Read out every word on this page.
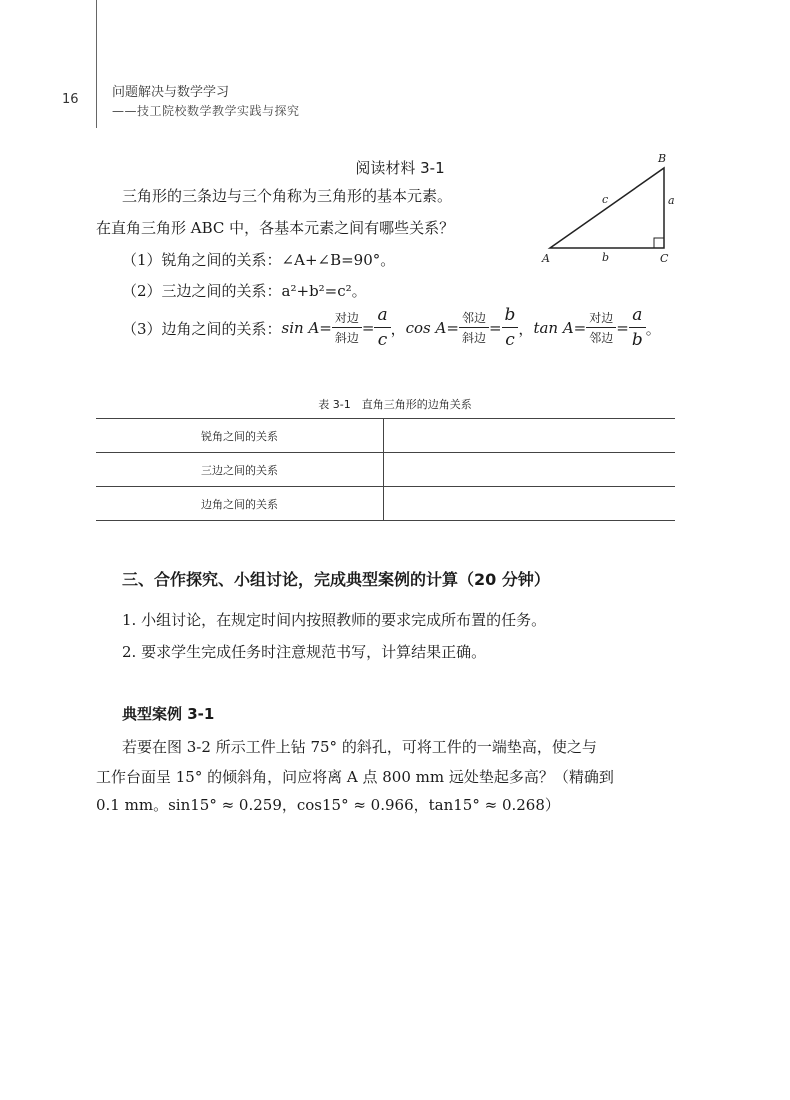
16	问题解决与数学学习
——技工院校数学教学实践与探究
阅读材料 3-1
B
A	C
a
b
c
三角形的三条边与三个角称为三角形的基本元素。
在直角三角形 ABC 中，各基本元素之间有哪些关系？
（1）锐角之间的关系：∠A+∠B=90°。
（2）三边之间的关系：a²+b²=c²。
（3）边角之间的关系： $\sin A= \frac{\text{对边}}{\text{斜边}} = \frac{a}{c}$ ， $\cos A= \frac{\text{邻边}}{\text{斜边}} = \frac{b}{c}$ ， $\tan A= \frac{\text{对边}}{\text{邻边}} = \frac{a}{b}$ 。
表 3-1　直角三角形的边角关系
锐角之间的关系	
三边之间的关系	
边角之间的关系	
三、合作探究、小组讨论，完成典型案例的计算（20 分钟）
1. 小组讨论，在规定时间内按照教师的要求完成所布置的任务。
2. 要求学生完成任务时注意规范书写，计算结果正确。
典型案例 3-1
若要在图 3-2 所示工件上钻 75° 的斜孔，可将工件的一端垫高，使之与
工作台面呈 15° 的倾斜角，问应将离 A 点 800 mm 远处垫起多高？（精确到
0.1 mm。sin15° ≈ 0.259，cos15° ≈ 0.966，tan15° ≈ 0.268）
